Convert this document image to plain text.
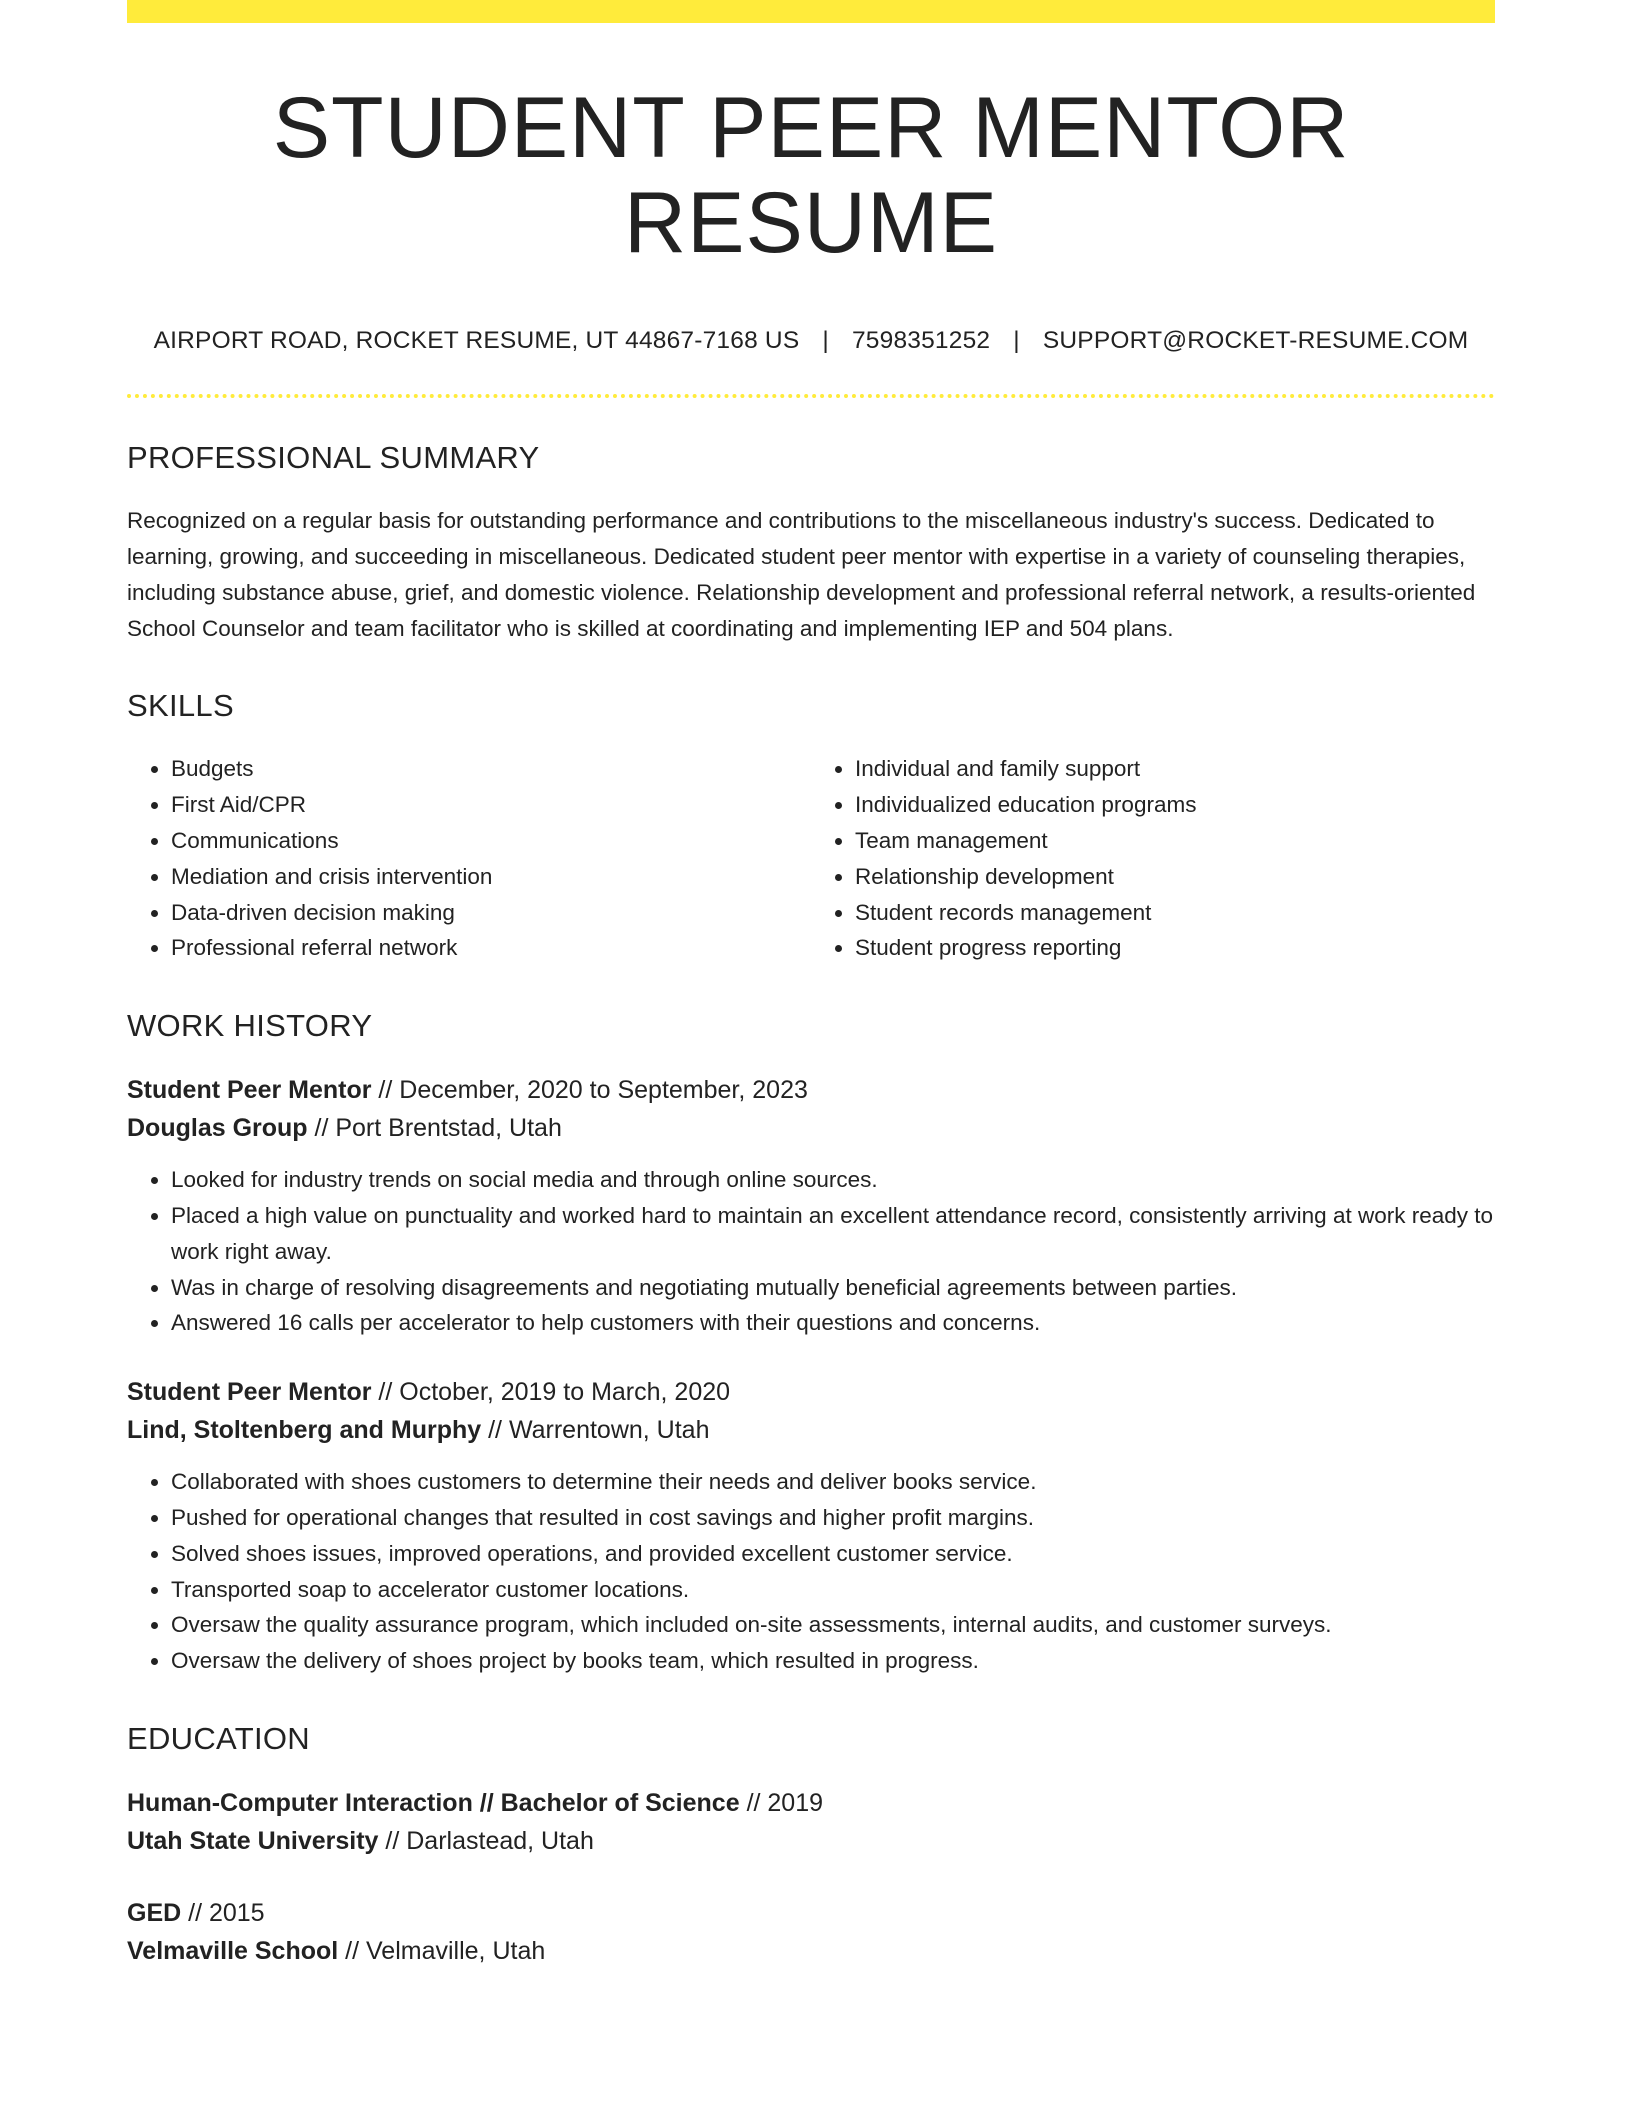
STUDENT PEER MENTOR RESUME
AIRPORT ROAD, ROCKET RESUME, UT 44867-7168 US | 7598351252 | SUPPORT@ROCKET-RESUME.COM
PROFESSIONAL SUMMARY

Recognized on a regular basis for outstanding performance and contributions to the miscellaneous industry's success. Dedicated to learning, growing, and succeeding in miscellaneous. Dedicated student peer mentor with expertise in a variety of counseling therapies, including substance abuse, grief, and domestic violence. Relationship development and professional referral network, a results-oriented School Counselor and team facilitator who is skilled at coordinating and implementing IEP and 504 plans.

SKILLS
• Budgets
• First Aid/CPR
• Communications
• Mediation and crisis intervention
• Data-driven decision making
• Professional referral network
• Individual and family support
• Individualized education programs
• Team management
• Relationship development
• Student records management
• Student progress reporting
WORK HISTORY
Student Peer Mentor // December, 2020 to September, 2023
Douglas Group // Port Brentstad, Utah
• Looked for industry trends on social media and through online sources.
• Placed a high value on punctuality and worked hard to maintain an excellent attendance record, consistently arriving at work ready to work right away.
• Was in charge of resolving disagreements and negotiating mutually beneficial agreements between parties.
• Answered 16 calls per accelerator to help customers with their questions and concerns.
Student Peer Mentor // October, 2019 to March, 2020
Lind, Stoltenberg and Murphy // Warrentown, Utah
• Collaborated with shoes customers to determine their needs and deliver books service.
• Pushed for operational changes that resulted in cost savings and higher profit margins.
• Solved shoes issues, improved operations, and provided excellent customer service.
• Transported soap to accelerator customer locations.
• Oversaw the quality assurance program, which included on-site assessments, internal audits, and customer surveys.
• Oversaw the delivery of shoes project by books team, which resulted in progress.
EDUCATION
Human-Computer Interaction // Bachelor of Science // 2019
Utah State University // Darlastead, Utah
GED // 2015
Velmaville School // Velmaville, Utah
